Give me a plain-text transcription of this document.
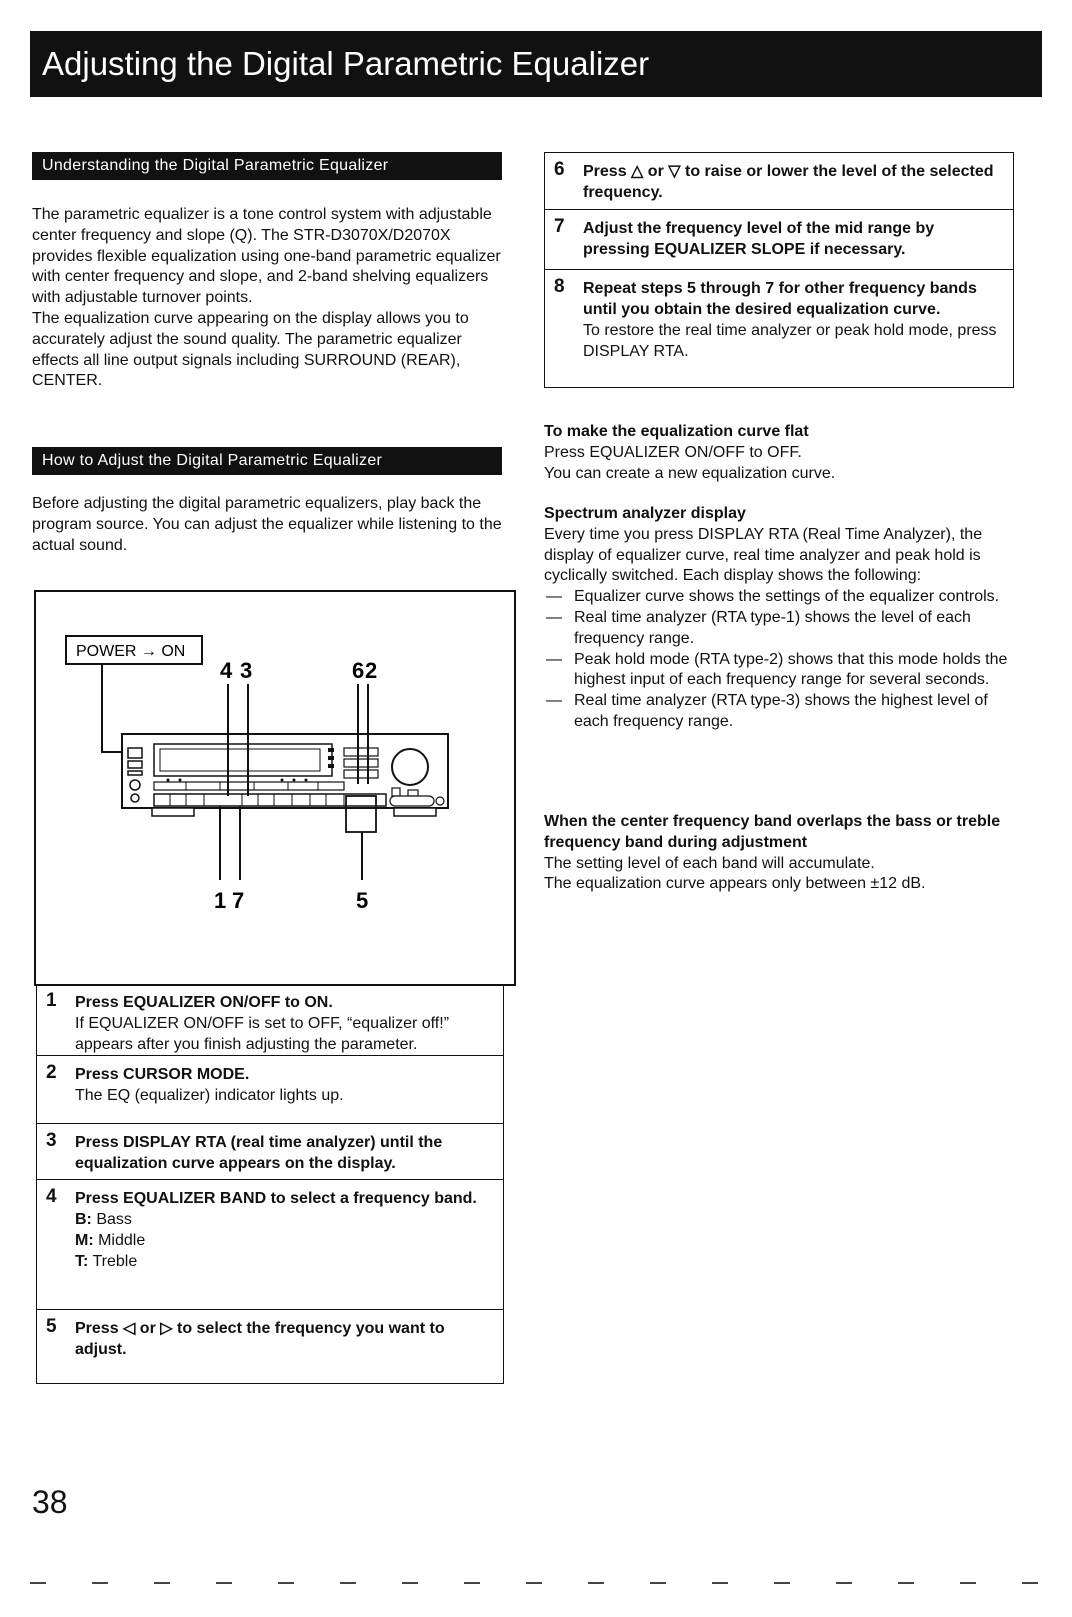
Adjusting the Digital Parametric Equalizer
Understanding the Digital Parametric Equalizer

The parametric equalizer is a tone control system with adjustable center frequency and slope (Q). The STR-D3070X/D2070X provides flexible equalization using one-band parametric equalizer with center frequency and slope, and 2-band shelving equalizers with adjustable turnover points.

The equalization curve appearing on the display allows you to accurately adjust the sound quality. The parametric equalizer effects all line output signals including SURROUND (REAR), CENTER.

How to Adjust the Digital Parametric Equalizer
Before adjusting the digital parametric equalizers, play back the program source. You can adjust the equalizer while listening to the actual sound.
POWER → ON
4 3	6 2
1 7	5
1 Press EQUALIZER ON/OFF to ON.

If EQUALIZER ON/OFF is set to OFF, “equalizer off!” appears after you finish adjusting the parameter.

2 Press CURSOR MODE.

The EQ (equalizer) indicator lights up.

3 Press DISPLAY RTA (real time analyzer) until the equalization curve appears on the display.

4 Press EQUALIZER BAND to select a frequency band.

B: Bass

M: Middle

T: Treble

5 Press ◁ or ▷ to select the frequency you want to adjust.

6 Press △ or ▽ to raise or lower the level of the selected frequency.

7 Adjust the frequency level of the mid range by pressing EQUALIZER SLOPE if necessary.

8 Repeat steps 5 through 7 for other frequency bands until you obtain the desired equalization curve.

To restore the real time analyzer or peak hold mode, press DISPLAY RTA.

To make the equalization curve flat

Press EQUALIZER ON/OFF to OFF.

You can create a new equalization curve.

Spectrum analyzer display

Every time you press DISPLAY RTA (Real Time Analyzer), the display of equalizer curve, real time analyzer and peak hold is cyclically switched. Each display shows the following:

— Equalizer curve shows the settings of the equalizer controls.
— Real time analyzer (RTA type-1) shows the level of each frequency range.
— Peak hold mode (RTA type-2) shows that this mode holds the highest input of each frequency range for several seconds.
— Real time analyzer (RTA type-3) shows the highest level of each frequency range.

When the center frequency band overlaps the bass or treble frequency band during adjustment

The setting level of each band will accumulate.

The equalization curve appears only between ±12 dB.

38
